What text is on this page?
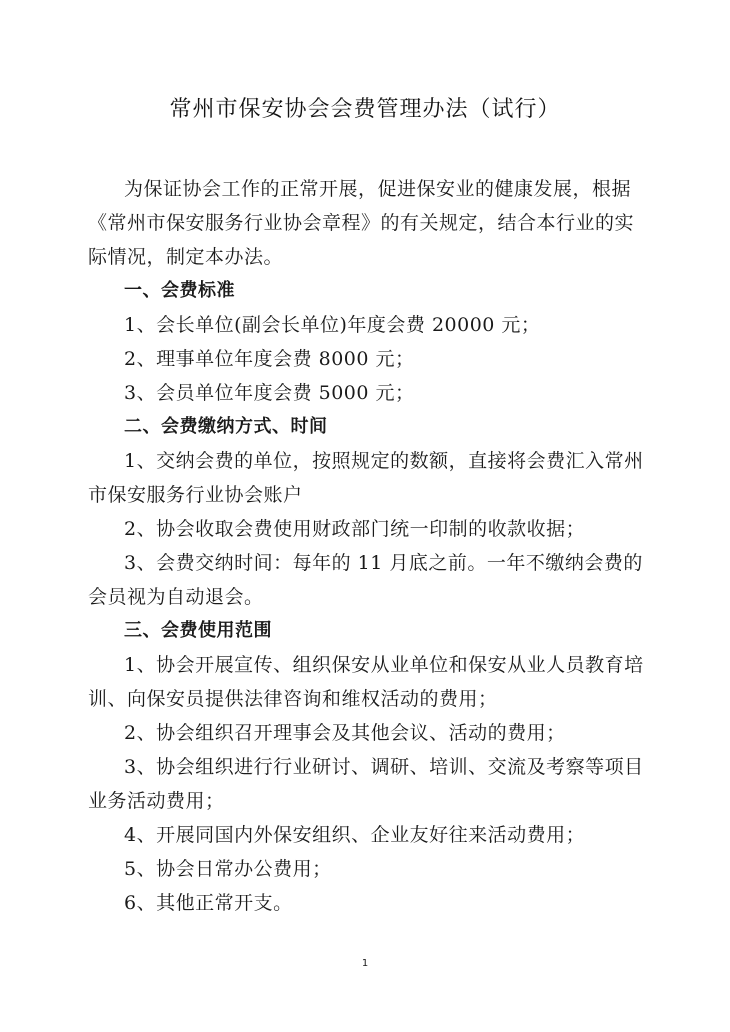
常州市保安协会会费管理办法（试行）
为保证协会工作的正常开展，促进保安业的健康发展，根据
《常州市保安服务行业协会章程》的有关规定，结合本行业的实
际情况，制定本办法。
一、会费标准
1、会长单位(副会长单位)年度会费 20000 元；
2、理事单位年度会费 8000 元；
3、会员单位年度会费 5000 元；
二、会费缴纳方式、时间
1、交纳会费的单位，按照规定的数额，直接将会费汇入常州
市保安服务行业协会账户
2、协会收取会费使用财政部门统一印制的收款收据；
3、会费交纳时间：每年的 11 月底之前。一年不缴纳会费的
会员视为自动退会。
三、会费使用范围
1、协会开展宣传、组织保安从业单位和保安从业人员教育培
训、向保安员提供法律咨询和维权活动的费用；
2、协会组织召开理事会及其他会议、活动的费用；
3、协会组织进行行业研讨、调研、培训、交流及考察等项目
业务活动费用；
4、开展同国内外保安组织、企业友好往来活动费用；
5、协会日常办公费用；
6、其他正常开支。
1
